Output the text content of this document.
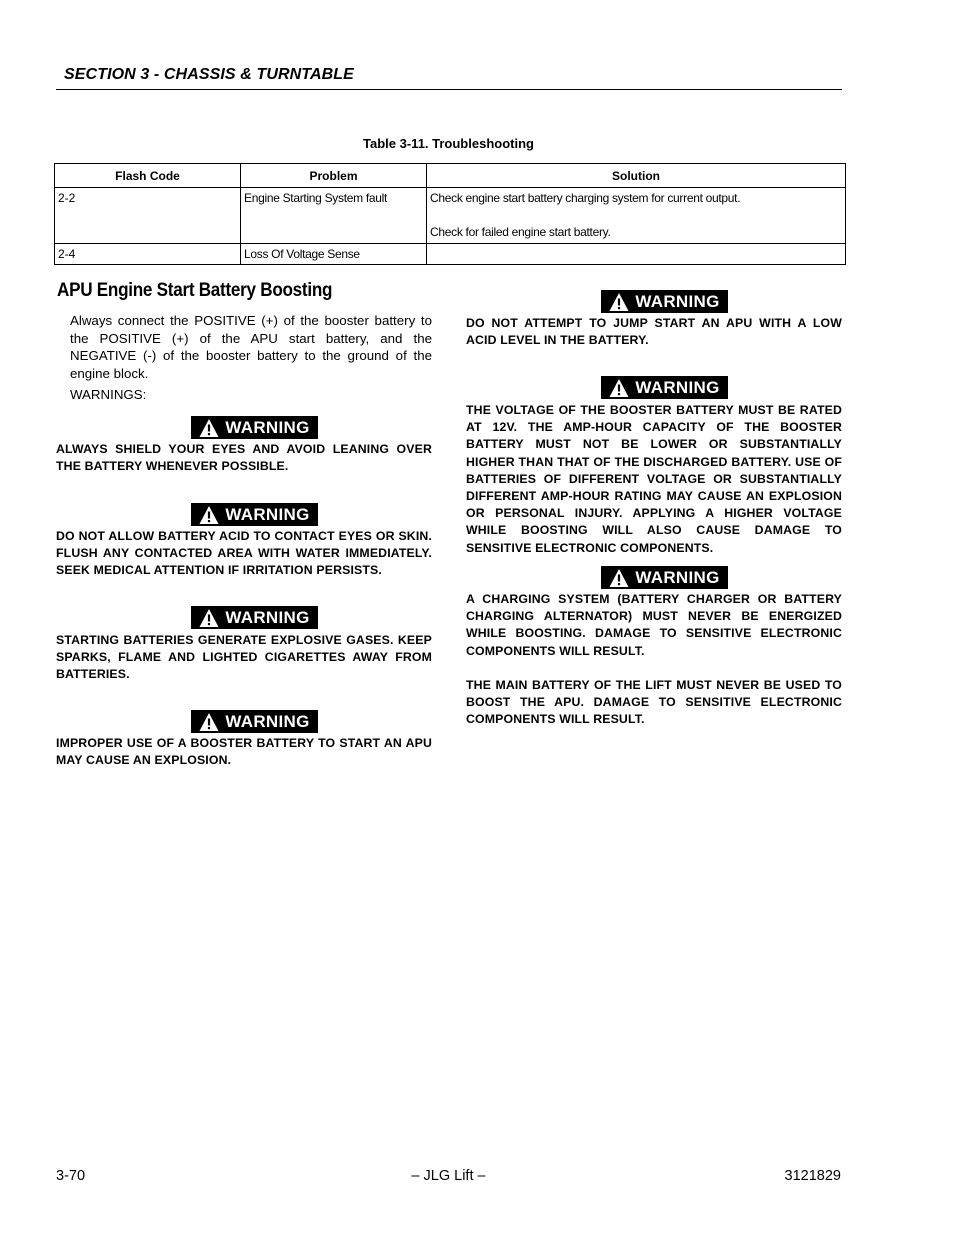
SECTION 3 - CHASSIS & TURNTABLE
Table 3-11. Troubleshooting
Flash Code	Problem	Solution
2-2	Engine Starting System fault	Check engine start battery charging system for current output.
Check for failed engine start battery.

2-4	Loss Of Voltage Sense	
APU Engine Start Battery Boosting

Always connect the POSITIVE (+) of the booster battery to the POSITIVE (+) of the APU start battery, and the NEGATIVE (-) of the booster battery to the ground of the engine block.

WARNINGS:

WARNING
ALWAYS SHIELD YOUR EYES AND AVOID LEANING OVER THE BATTERY WHENEVER POSSIBLE.
WARNING
DO NOT ALLOW BATTERY ACID TO CONTACT EYES OR SKIN. FLUSH ANY CONTACTED AREA WITH WATER IMMEDIATELY. SEEK MEDICAL ATTENTION IF IRRITATION PERSISTS.
WARNING
STARTING BATTERIES GENERATE EXPLOSIVE GASES. KEEP SPARKS, FLAME AND LIGHTED CIGARETTES AWAY FROM BATTERIES.
WARNING
IMPROPER USE OF A BOOSTER BATTERY TO START AN APU MAY CAUSE AN EXPLOSION.
WARNING
DO NOT ATTEMPT TO JUMP START AN APU WITH A LOW ACID LEVEL IN THE BATTERY.
WARNING
THE VOLTAGE OF THE BOOSTER BATTERY MUST BE RATED AT 12V. THE AMP-HOUR CAPACITY OF THE BOOSTER BATTERY MUST NOT BE LOWER OR SUBSTANTIALLY HIGHER THAN THAT OF THE DISCHARGED BATTERY. USE OF BATTERIES OF DIFFERENT VOLTAGE OR SUBSTANTIALLY DIFFERENT AMP-HOUR RATING MAY CAUSE AN EXPLOSION OR PERSONAL INJURY. APPLYING A HIGHER VOLTAGE WHILE BOOSTING WILL ALSO CAUSE DAMAGE TO SENSITIVE ELECTRONIC COMPONENTS.
WARNING
A CHARGING SYSTEM (BATTERY CHARGER OR BATTERY CHARGING ALTERNATOR) MUST NEVER BE ENERGIZED WHILE BOOSTING. DAMAGE TO SENSITIVE ELECTRONIC COMPONENTS WILL RESULT.
THE MAIN BATTERY OF THE LIFT MUST NEVER BE USED TO BOOST THE APU. DAMAGE TO SENSITIVE ELECTRONIC COMPONENTS WILL RESULT.
3-70	– JLG Lift –	3121829
